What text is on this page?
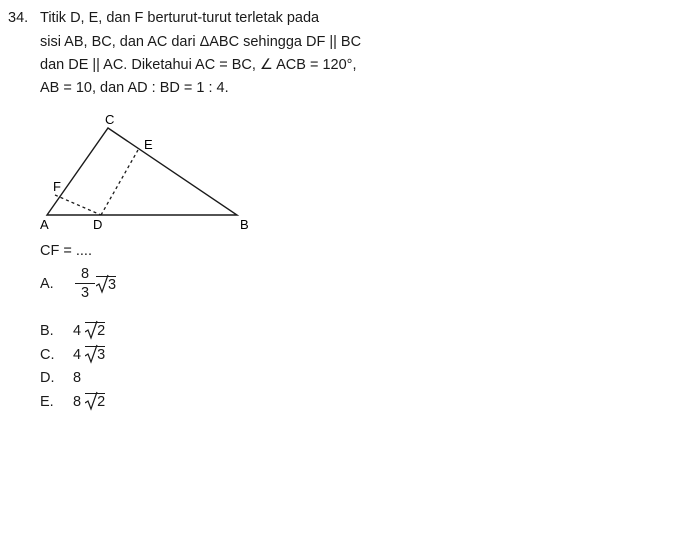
34. Titik D, E, dan F berturut-turut terletak pada
sisi AB, BC, dan AC dari ΔABC sehingga DF || BC
dan DE || AC. Diketahui AC = BC, ∠ ACB = 120°,
AB = 10, dan AD : BD = 1 : 4.
C
E
F
A	D	B
CF = ....
A.
8
3	3
B. 4 2
C. 4 3
D. 8
E. 8 2
